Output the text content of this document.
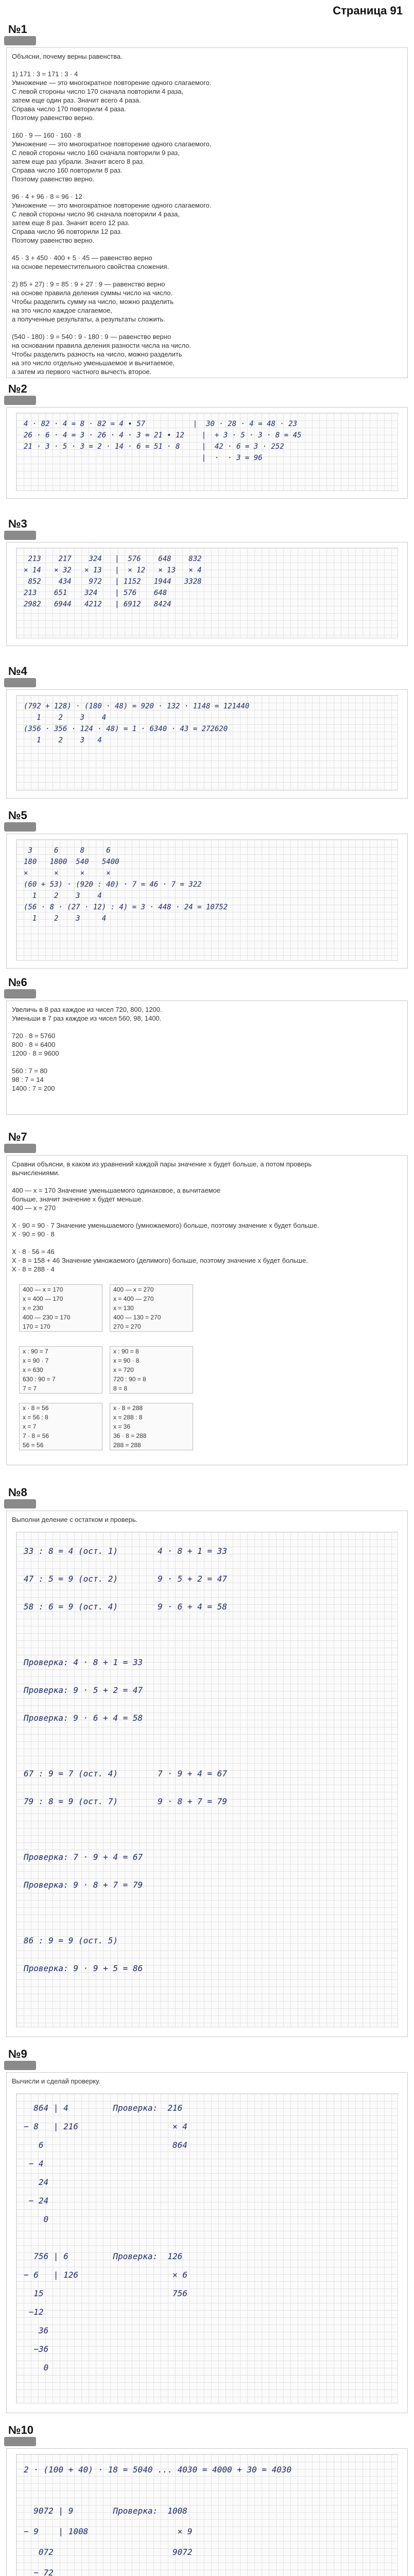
Страница 91
№1
Объясни, почему верны равенства.

1) 171 : 3 = 171 : 3 · 4
Умножение — это многократное повторение одного слагаемого.
С левой стороны число 170 сначала повторили 4 раза,
затем еще один раз. Значит всего 4 раза.
Справа число 170 повторили 4 раза.
Поэтому равенство верно.

160 · 9 — 160 · 160 · 8
Умножение — это многократное повторение одного слагаемого.
С левой стороны число 160 сначала повторили 9 раз,
затем еще раз убрали. Значит всего 8 раз.
Справа число 160 повторили 8 раз.
Поэтому равенство верно.

96 · 4 + 96 · 8 = 96 · 12
Умножение — это многократное повторение одного слагаемого.
С левой стороны число 96 сначала повторили 4 раза,
затем еще 8 раз. Значит всего 12 раз.
Справа число 96 повторили 12 раз.
Поэтому равенство верно.

45 · 3 + 450 · 400 + 5 · 45 — равенство верно
на основе переместительного свойства сложения.

2) 85 + 27) : 9 = 85 : 9 + 27 : 9 — равенство верно
на основе правила деления суммы число на число.
Чтобы разделить сумму на число, можно разделить
на это число каждое слагаемое,
а полученные результаты, а результаты сложить.

(540 - 180) : 9 = 540 : 9 - 180 : 9 — равенство верно
на основании правила деления разности числа на число.
Чтобы разделить разность на число, можно разделить
на это число отдельно уменьшаемое и вычитаемое,
а затем из первого частного вычесть второе.
№2
4 · 82 · 4 = 8 · 82 = 4 ∙ 57           |  30 · 28 · 4 = 48 · 23
26 · 6 · 4 = 3 · 26 · 4 · 3 = 21 ∙ 12    |  + 3 · 5 · 3 · 8 = 45
21 · 3 · 5 · 3 = 2 · 14 · 6 = 51 · 8     |  42 · 6 = 3 · 252
|  ·  · 3 = 96
№3
213    217    324   |  576    648    832
× 14   × 32   × 13   |  × 12   × 13   × 4
852    434    972   | 1152   1944   3328
213    651    324    | 576    648
2982   6944   4212   | 6912   8424
№4
(792 + 128) · (180 · 48) = 920 · 132 · 1148 = 121440
1    2    3    4
(356 · 356 · 124 · 48) = 1 · 6340 · 43 = 272620
1    2    3   4
№5
3     6     8     6
180   1800  540   5400
×      ×     ×     ×
(60 + 53) · (920 : 40) · 7 = 46 · 7 = 322
1    2    3    4
(56 · 8 · (27 · 12) : 4) = 3 · 448 · 24 = 10752
1    2    3     4
№6
Увеличь в 8 раз каждое из чисел 720, 800, 1200.
Уменьши в 7 раз каждое из чисел 560, 98, 1400.

720 · 8 = 5760
800 · 8 = 6400
1200 · 8 = 9600

560 : 7 = 80
98 : 7 = 14
1400 : 7 = 200
№7
Сравни объясни, в каком из уравнений каждой пары значение х будет больше, а потом проверь
вычислениями.

400 — x = 170 Значение уменьшаемого одинаковое, а вычитаемое
больше, значит значение х будет меньше.
400 — x = 270

X · 90 = 90 · 7 Значение уменьшаемого (умножаемого) больше, поэтому значение х будет больше.
X · 90 = 90 · 8

X · 8 · 56 = 46
X · 8 = 158 + 46 Значение умножаемого (делимого) больше, поэтому значение х будет больше.
X · 8 = 288 · 4
400 — x = 170
x = 400 — 170
x = 230
400 — 230 = 170
170 = 170
400 — x = 270
x = 400 — 270
x = 130
400 — 130 = 270
270 = 270
x : 90 = 7
x = 90 · 7
x = 630
630 : 90 = 7
7 = 7
x : 90 = 8
x = 90 · 8
x = 720
720 : 90 = 8
8 = 8
x · 8 = 56
x = 56 : 8
x = 7
7 · 8 = 56
56 = 56
x · 8 = 288
x = 288 : 8
x = 36
36 · 8 = 288
288 = 288
№8
Выполни деление с остатком и проверь.
33 : 8 = 4 (ост. 1)        4 · 8 + 1 = 33
47 : 5 = 9 (ост. 2)        9 · 5 + 2 = 47
58 : 6 = 9 (ост. 4)        9 · 6 + 4 = 58

Проверка: 4 · 8 + 1 = 33
Проверка: 9 · 5 + 2 = 47
Проверка: 9 · 6 + 4 = 58

67 : 9 = 7 (ост. 4)        7 · 9 + 4 = 67
79 : 8 = 9 (ост. 7)        9 · 8 + 7 = 79

Проверка: 7 · 9 + 4 = 67
Проверка: 9 · 8 + 7 = 79

86 : 9 = 9 (ост. 5)
Проверка: 9 · 9 + 5 = 86
№9
Вычисли и сделай проверку.
864 | 4         Проверка:  216
− 8   | 216                   × 4
6                          864
− 4
24
− 24
0

756 | 6         Проверка:  126
− 6   | 126                   × 6
15                          756
−12
36
−36
0
№10
2 · (100 + 40) · 18 = 5040 ... 4030 = 4000 + 30 = 4030

9072 | 9        Проверка:  1008
− 9    | 1008                  × 9
072                        9072
− 72
